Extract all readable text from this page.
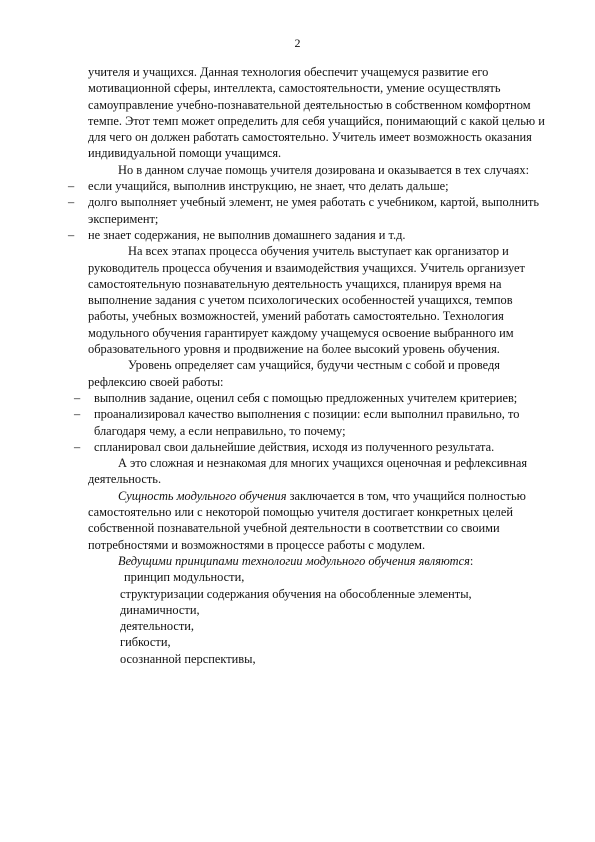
2

учителя и учащихся. Данная технология обеспечит учащемуся развитие его мотивационной сферы, интеллекта, самостоятельности, умение осуществлять самоуправление учебно-познавательной деятельностью в собственном комфортном темпе. Этот темп может определить для себя учащийся, понимающий с какой целью и для чего он должен работать самостоятельно. Учитель имеет возможность оказания индивидуальной помощи учащимся.

Но в данном случае помощь учителя дозирована и оказывается в тех случаях:

– если учащийся, выполнив инструкцию, не знает, что делать дальше;
– долго выполняет учебный элемент, не умея работать с учебником, картой, выполнить эксперимент;
– не знает содержания, не выполнив домашнего задания и т.д.

На всех этапах процесса обучения учитель выступает как организатор и руководитель процесса обучения и взаимодействия учащихся. Учитель организует самостоятельную познавательную деятельность учащихся, планируя время на выполнение задания с учетом психологических особенностей учащихся, темпов работы, учебных возможностей, умений работать самостоятельно. Технология модульного обучения гарантирует каждому учащемуся освоение выбранного им образовательного уровня и продвижение на более высокий уровень обучения.

Уровень определяет сам учащийся, будучи честным с собой и проведя рефлексию своей работы:

– выполнив задание, оценил себя с помощью предложенных учителем критериев;
– проанализировал качество выполнения с позиции: если выполнил правильно, то благодаря чему, а если неправильно, то почему;
– спланировал свои дальнейшие действия, исходя из полученного результата.

А это сложная и незнакомая для многих учащихся оценочная и рефлексивная деятельность.

Сущность модульного обучения заключается в том, что учащийся полностью самостоятельно или с некоторой помощью учителя достигает конкретных целей собственной познавательной учебной деятельности в соответствии со своими потребностями и возможностями в процессе работы с модулем.

Ведущими принципами технологии модульного обучения являются:

принцип модульности,

структуризации содержания обучения на обособленные элементы,

динамичности,

деятельности,

гибкости,

осознанной перспективы,
